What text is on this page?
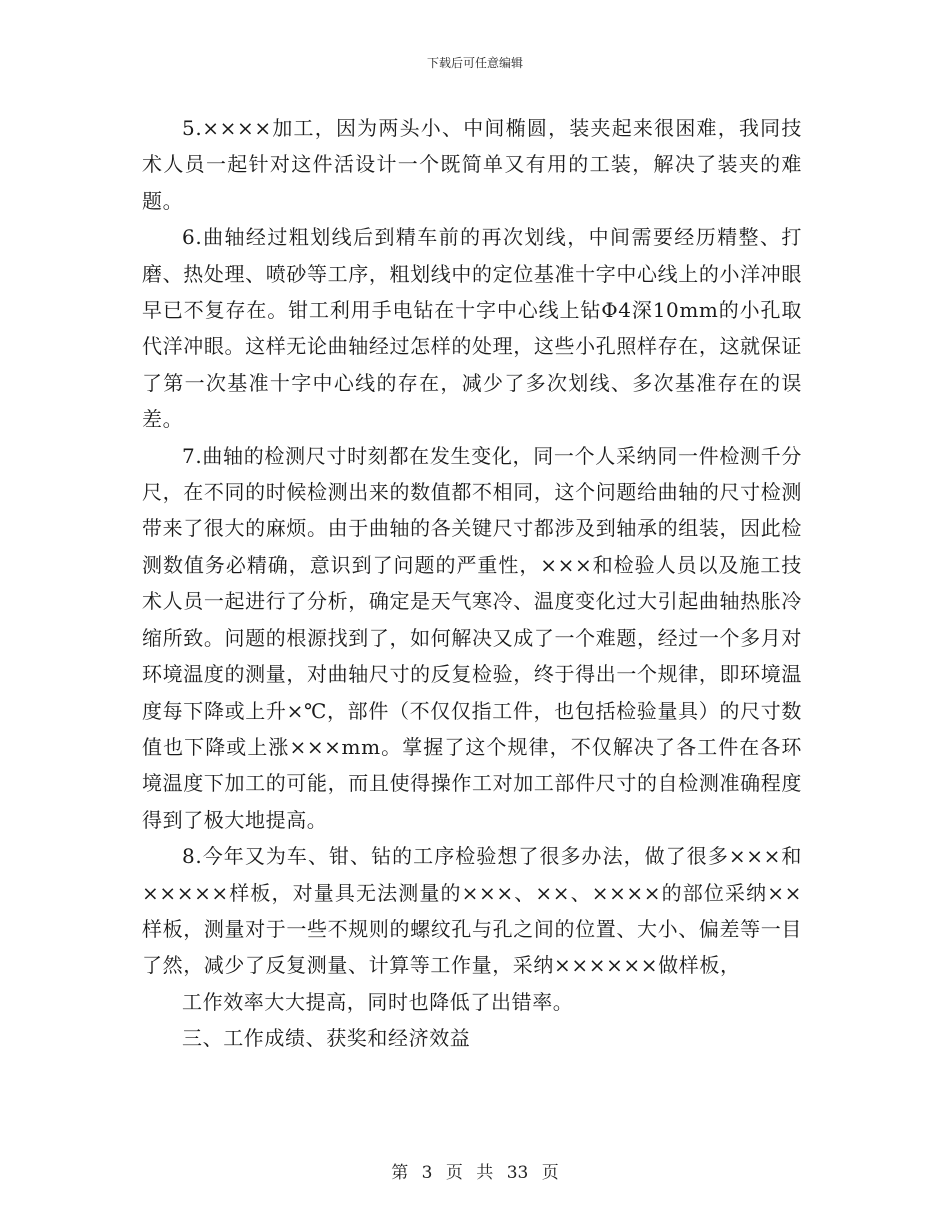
下载后可任意编辑

5.××××加工，因为两头小、中间椭圆，装夹起来很困难，我同技术人员一起针对这件活设计一个既简单又有用的工装，解决了装夹的难题。

6.曲轴经过粗划线后到精车前的再次划线，中间需要经历精整、打磨、热处理、喷砂等工序，粗划线中的定位基准十字中心线上的小洋冲眼早已不复存在。钳工利用手电钻在十字中心线上钻Φ4深10mm的小孔取代洋冲眼。这样无论曲轴经过怎样的处理，这些小孔照样存在，这就保证了第一次基准十字中心线的存在，减少了多次划线、多次基准存在的误差。

7.曲轴的检测尺寸时刻都在发生变化，同一个人采纳同一件检测千分尺，在不同的时候检测出来的数值都不相同，这个问题给曲轴的尺寸检测带来了很大的麻烦。由于曲轴的各关键尺寸都涉及到轴承的组装，因此检测数值务必精确，意识到了问题的严重性，×××和检验人员以及施工技术人员一起进行了分析，确定是天气寒冷、温度变化过大引起曲轴热胀冷缩所致。问题的根源找到了，如何解决又成了一个难题，经过一个多月对环境温度的测量，对曲轴尺寸的反复检验，终于得出一个规律，即环境温度每下降或上升×℃，部件（不仅仅指工件，也包括检验量具）的尺寸数值也下降或上涨×××mm。掌握了这个规律，不仅解决了各工件在各环境温度下加工的可能，而且使得操作工对加工部件尺寸的自检测准确程度得到了极大地提高。

8.今年又为车、钳、钻的工序检验想了很多办法，做了很多×××和×××××样板，对量具无法测量的×××、××、××××的部位采纳××样板，测量对于一些不规则的螺纹孔与孔之间的位置、大小、偏差等一目了然，减少了反复测量、计算等工作量，采纳××××××做样板，

工作效率大大提高，同时也降低了出错率。

三、工作成绩、获奖和经济效益

第 3 页 共 33 页
